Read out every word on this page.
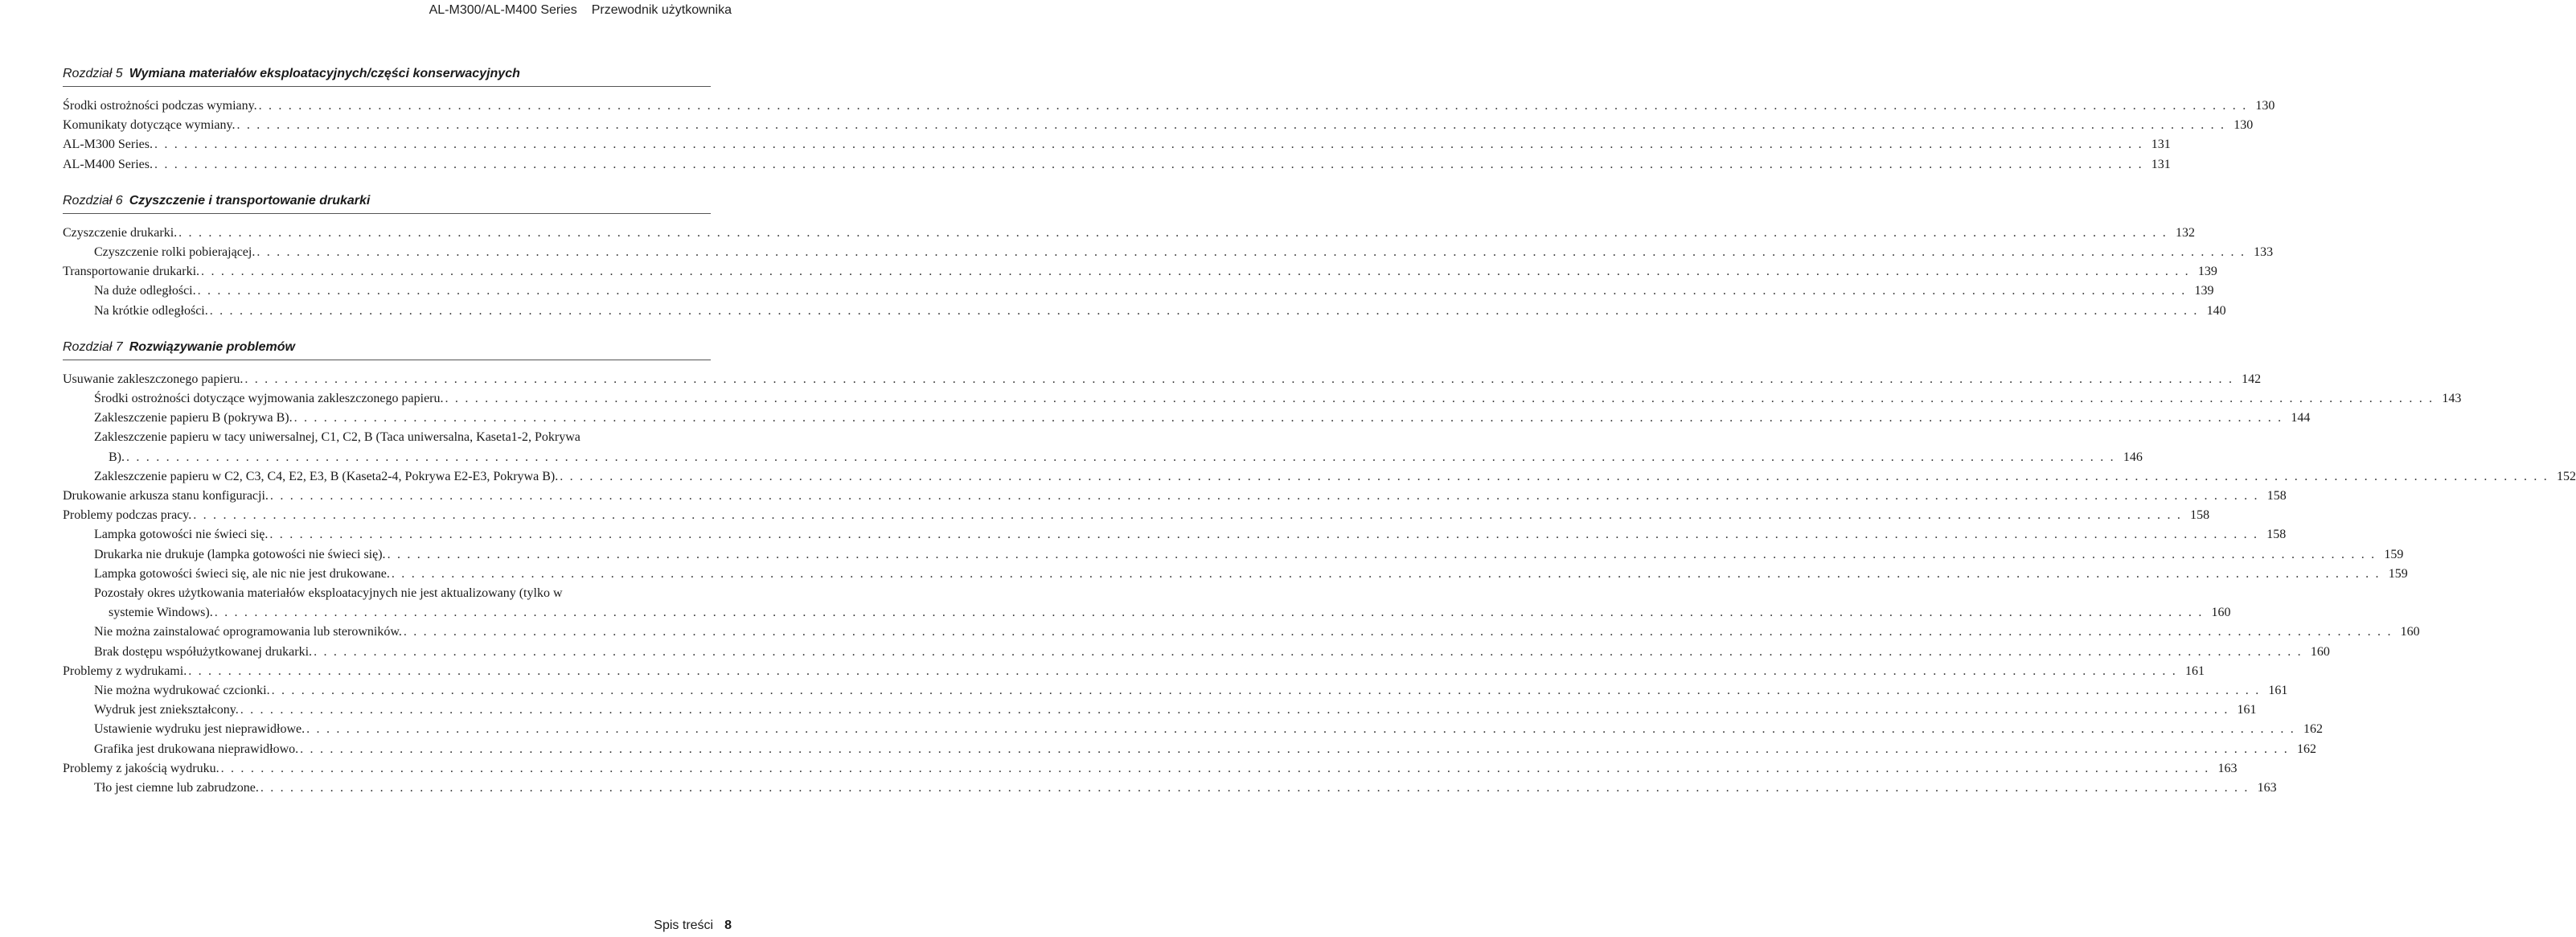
AL-M300/AL-M400 Series Przewodnik użytkownika
Rozdział 5 Wymiana materiałów eksploatacyjnych/części konserwacyjnych
Środki ostrożności podczas wymiany. . . . . . . . . . . . . . . . . . . . . . . . . . . . . . . . . . . . . . . . . . . . . . . . . . . . . . . . . . . . . . . . . . . . . . . . . . . . . . . . . . . . . . . . . . . . . . . . . . . . . . . . . . . . . . . . . . . . . . . . . . . . . . . . . . . . . . . . . . . . . . . . . . . . . . . . . . . . . . . . . . . . . . . . . . . . . . . . . . . . . . . . . . . . . . . . . . . . . . . . . 130
Komunikaty dotyczące wymiany. . . . . . . . . . . . . . . . . . . . . . . . . . . . . . . . . . . . . . . . . . . . . . . . . . . . . . . . . . . . . . . . . . . . . . . . . . . . . . . . . . . . . . . . . . . . . . . . . . . . . . . . . . . . . . . . . . . . . . . . . . . . . . . . . . . . . . . . . . . . . . . . . . . . . . . . . . . . . . . . . . . . . . . . . . . . . . . . . . . . . . . . . . . . . . . . . . . . . . . . . 130
AL-M300 Series. . . . . . . . . . . . . . . . . . . . . . . . . . . . . . . . . . . . . . . . . . . . . . . . . . . . . . . . . . . . . . . . . . . . . . . . . . . . . . . . . . . . . . . . . . . . . . . . . . . . . . . . . . . . . . . . . . . . . . . . . . . . . . . . . . . . . . . . . . . . . . . . . . . . . . . . . . . . . . . . . . . . . . . . . . . . . . . . . . . . . . . . . . . . . . . . . . . . . . . . . 131
AL-M400 Series. . . . . . . . . . . . . . . . . . . . . . . . . . . . . . . . . . . . . . . . . . . . . . . . . . . . . . . . . . . . . . . . . . . . . . . . . . . . . . . . . . . . . . . . . . . . . . . . . . . . . . . . . . . . . . . . . . . . . . . . . . . . . . . . . . . . . . . . . . . . . . . . . . . . . . . . . . . . . . . . . . . . . . . . . . . . . . . . . . . . . . . . . . . . . . . . . . . . . . . . . 131
Rozdział 6 Czyszczenie i transportowanie drukarki
Czyszczenie drukarki. . . . . . . . . . . . . . . . . . . . . . . . . . . . . . . . . . . . . . . . . . . . . . . . . . . . . . . . . . . . . . . . . . . . . . . . . . . . . . . . . . . . . . . . . . . . . . . . . . . . . . . . . . . . . . . . . . . . . . . . . . . . . . . . . . . . . . . . . . . . . . . . . . . . . . . . . . . . . . . . . . . . . . . . . . . . . . . . . . . . . . . . . . . . . . . . . . . . . . . . . 132
Czyszczenie rolki pobierającej. . . . . . . . . . . . . . . . . . . . . . . . . . . . . . . . . . . . . . . . . . . . . . . . . . . . . . . . . . . . . . . . . . . . . . . . . . . . . . . . . . . . . . . . . . . . . . . . . . . . . . . . . . . . . . . . . . . . . . . . . . . . . . . . . . . . . . . . . . . . . . . . . . . . . . . . . . . . . . . . . . . . . . . . . . . . . . . . . . . . . . . . . . . . . . . . . . . . . . . . . 133
Transportowanie drukarki. . . . . . . . . . . . . . . . . . . . . . . . . . . . . . . . . . . . . . . . . . . . . . . . . . . . . . . . . . . . . . . . . . . . . . . . . . . . . . . . . . . . . . . . . . . . . . . . . . . . . . . . . . . . . . . . . . . . . . . . . . . . . . . . . . . . . . . . . . . . . . . . . . . . . . . . . . . . . . . . . . . . . . . . . . . . . . . . . . . . . . . . . . . . . . . . . . . . . . . . . 139
Na duże odległości. . . . . . . . . . . . . . . . . . . . . . . . . . . . . . . . . . . . . . . . . . . . . . . . . . . . . . . . . . . . . . . . . . . . . . . . . . . . . . . . . . . . . . . . . . . . . . . . . . . . . . . . . . . . . . . . . . . . . . . . . . . . . . . . . . . . . . . . . . . . . . . . . . . . . . . . . . . . . . . . . . . . . . . . . . . . . . . . . . . . . . . . . . . . . . . . . . . . . . . . . 139
Na krótkie odległości. . . . . . . . . . . . . . . . . . . . . . . . . . . . . . . . . . . . . . . . . . . . . . . . . . . . . . . . . . . . . . . . . . . . . . . . . . . . . . . . . . . . . . . . . . . . . . . . . . . . . . . . . . . . . . . . . . . . . . . . . . . . . . . . . . . . . . . . . . . . . . . . . . . . . . . . . . . . . . . . . . . . . . . . . . . . . . . . . . . . . . . . . . . . . . . . . . . . . . . . . 140
Rozdział 7 Rozwiązywanie problemów
Usuwanie zakleszczonego papieru. . . . . . . . . . . . . . . . . . . . . . . . . . . . . . . . . . . . . . . . . . . . . . . . . . . . . . . . . . . . . . . . . . . . . . . . . . . . . . . . . . . . . . . . . . . . . . . . . . . . . . . . . . . . . . . . . . . . . . . . . . . . . . . . . . . . . . . . . . . . . . . . . . . . . . . . . . . . . . . . . . . . . . . . . . . . . . . . . . . . . . . . . . . . . . . . . . . . . . . . . 142
Środki ostrożności dotyczące wyjmowania zakleszczonego papieru. . . . . . . . . . . . . . . . . . . . . . . . . . . . . . . . . . . . . . . . . . . . . . . . . . . . . . . . . . . . . . . . . . . . . . . . . . . . . . . . . . . . . . . . . . . . . . . . . . . . . . . . . . . . . . . . . . . . . . . . . . . . . . . . . . . . . . . . . . . . . . . . . . . . . . . . . . . . . . . . . . . . . . . . . . . . . . . . . . . . . . . . . . . . . . . . . . . . . . . . . 143
Zakleszczenie papieru B (pokrywa B). . . . . . . . . . . . . . . . . . . . . . . . . . . . . . . . . . . . . . . . . . . . . . . . . . . . . . . . . . . . . . . . . . . . . . . . . . . . . . . . . . . . . . . . . . . . . . . . . . . . . . . . . . . . . . . . . . . . . . . . . . . . . . . . . . . . . . . . . . . . . . . . . . . . . . . . . . . . . . . . . . . . . . . . . . . . . . . . . . . . . . . . . . . . . . . . . . . . . . . . . 144
Zakleszczenie papieru w tacy uniwersalnej, C1, C2, B (Taca uniwersalna, Kaseta1-2, Pokrywa
B). . . . . . . . . . . . . . . . . . . . . . . . . . . . . . . . . . . . . . . . . . . . . . . . . . . . . . . . . . . . . . . . . . . . . . . . . . . . . . . . . . . . . . . . . . . . . . . . . . . . . . . . . . . . . . . . . . . . . . . . . . . . . . . . . . . . . . . . . . . . . . . . . . . . . . . . . . . . . . . . . . . . . . . . . . . . . . . . . . . . . . . . . . . . . . . . . . . . . . . . . 146
Zakleszczenie papieru w C2, C3, C4, E2, E3, B (Kaseta2-4, Pokrywa E2-E3, Pokrywa B). . . . . . . . . . . . . . . . . . . . . . . . . . . . . . . . . . . . . . . . . . . . . . . . . . . . . . . . . . . . . . . . . . . . . . . . . . . . . . . . . . . . . . . . . . . . . . . . . . . . . . . . . . . . . . . . . . . . . . . . . . . . . . . . . . . . . . . . . . . . . . . . . . . . . . . . . . . . . . . . . . . . . . . . . . . . . . . . . . . . . . . . . . . . . . . . . . . . . . . . . 152
Drukowanie arkusza stanu konfiguracji. . . . . . . . . . . . . . . . . . . . . . . . . . . . . . . . . . . . . . . . . . . . . . . . . . . . . . . . . . . . . . . . . . . . . . . . . . . . . . . . . . . . . . . . . . . . . . . . . . . . . . . . . . . . . . . . . . . . . . . . . . . . . . . . . . . . . . . . . . . . . . . . . . . . . . . . . . . . . . . . . . . . . . . . . . . . . . . . . . . . . . . . . . . . . . . . . . . . . . . . . 158
Problemy podczas pracy. . . . . . . . . . . . . . . . . . . . . . . . . . . . . . . . . . . . . . . . . . . . . . . . . . . . . . . . . . . . . . . . . . . . . . . . . . . . . . . . . . . . . . . . . . . . . . . . . . . . . . . . . . . . . . . . . . . . . . . . . . . . . . . . . . . . . . . . . . . . . . . . . . . . . . . . . . . . . . . . . . . . . . . . . . . . . . . . . . . . . . . . . . . . . . . . . . . . . . . . . 158
Lampka gotowości nie świeci się. . . . . . . . . . . . . . . . . . . . . . . . . . . . . . . . . . . . . . . . . . . . . . . . . . . . . . . . . . . . . . . . . . . . . . . . . . . . . . . . . . . . . . . . . . . . . . . . . . . . . . . . . . . . . . . . . . . . . . . . . . . . . . . . . . . . . . . . . . . . . . . . . . . . . . . . . . . . . . . . . . . . . . . . . . . . . . . . . . . . . . . . . . . . . . . . . . . . . . . . . 158
Drukarka nie drukuje (lampka gotowości nie świeci się). . . . . . . . . . . . . . . . . . . . . . . . . . . . . . . . . . . . . . . . . . . . . . . . . . . . . . . . . . . . . . . . . . . . . . . . . . . . . . . . . . . . . . . . . . . . . . . . . . . . . . . . . . . . . . . . . . . . . . . . . . . . . . . . . . . . . . . . . . . . . . . . . . . . . . . . . . . . . . . . . . . . . . . . . . . . . . . . . . . . . . . . . . . . . . . . . . . . . . . . . 159
Lampka gotowości świeci się, ale nic nie jest drukowane. . . . . . . . . . . . . . . . . . . . . . . . . . . . . . . . . . . . . . . . . . . . . . . . . . . . . . . . . . . . . . . . . . . . . . . . . . . . . . . . . . . . . . . . . . . . . . . . . . . . . . . . . . . . . . . . . . . . . . . . . . . . . . . . . . . . . . . . . . . . . . . . . . . . . . . . . . . . . . . . . . . . . . . . . . . . . . . . . . . . . . . . . . . . . . . . . . . . . . . . . 159
Pozostały okres użytkowania materiałów eksploatacyjnych nie jest aktualizowany (tylko w
systemie Windows). . . . . . . . . . . . . . . . . . . . . . . . . . . . . . . . . . . . . . . . . . . . . . . . . . . . . . . . . . . . . . . . . . . . . . . . . . . . . . . . . . . . . . . . . . . . . . . . . . . . . . . . . . . . . . . . . . . . . . . . . . . . . . . . . . . . . . . . . . . . . . . . . . . . . . . . . . . . . . . . . . . . . . . . . . . . . . . . . . . . . . . . . . . . . . . . . . . . . . . . . 160
Nie można zainstalować oprogramowania lub sterowników. . . . . . . . . . . . . . . . . . . . . . . . . . . . . . . . . . . . . . . . . . . . . . . . . . . . . . . . . . . . . . . . . . . . . . . . . . . . . . . . . . . . . . . . . . . . . . . . . . . . . . . . . . . . . . . . . . . . . . . . . . . . . . . . . . . . . . . . . . . . . . . . . . . . . . . . . . . . . . . . . . . . . . . . . . . . . . . . . . . . . . . . . . . . . . . . . . . . . . . . . 160
Brak dostępu współużytkowanej drukarki. . . . . . . . . . . . . . . . . . . . . . . . . . . . . . . . . . . . . . . . . . . . . . . . . . . . . . . . . . . . . . . . . . . . . . . . . . . . . . . . . . . . . . . . . . . . . . . . . . . . . . . . . . . . . . . . . . . . . . . . . . . . . . . . . . . . . . . . . . . . . . . . . . . . . . . . . . . . . . . . . . . . . . . . . . . . . . . . . . . . . . . . . . . . . . . . . . . . . . . . . 160
Problemy z wydrukami. . . . . . . . . . . . . . . . . . . . . . . . . . . . . . . . . . . . . . . . . . . . . . . . . . . . . . . . . . . . . . . . . . . . . . . . . . . . . . . . . . . . . . . . . . . . . . . . . . . . . . . . . . . . . . . . . . . . . . . . . . . . . . . . . . . . . . . . . . . . . . . . . . . . . . . . . . . . . . . . . . . . . . . . . . . . . . . . . . . . . . . . . . . . . . . . . . . . . . . . . 161
Nie można wydrukować czcionki. . . . . . . . . . . . . . . . . . . . . . . . . . . . . . . . . . . . . . . . . . . . . . . . . . . . . . . . . . . . . . . . . . . . . . . . . . . . . . . . . . . . . . . . . . . . . . . . . . . . . . . . . . . . . . . . . . . . . . . . . . . . . . . . . . . . . . . . . . . . . . . . . . . . . . . . . . . . . . . . . . . . . . . . . . . . . . . . . . . . . . . . . . . . . . . . . . . . . . . . . 161
Wydruk jest zniekształcony. . . . . . . . . . . . . . . . . . . . . . . . . . . . . . . . . . . . . . . . . . . . . . . . . . . . . . . . . . . . . . . . . . . . . . . . . . . . . . . . . . . . . . . . . . . . . . . . . . . . . . . . . . . . . . . . . . . . . . . . . . . . . . . . . . . . . . . . . . . . . . . . . . . . . . . . . . . . . . . . . . . . . . . . . . . . . . . . . . . . . . . . . . . . . . . . . . . . . . . . . 161
Ustawienie wydruku jest nieprawidłowe. . . . . . . . . . . . . . . . . . . . . . . . . . . . . . . . . . . . . . . . . . . . . . . . . . . . . . . . . . . . . . . . . . . . . . . . . . . . . . . . . . . . . . . . . . . . . . . . . . . . . . . . . . . . . . . . . . . . . . . . . . . . . . . . . . . . . . . . . . . . . . . . . . . . . . . . . . . . . . . . . . . . . . . . . . . . . . . . . . . . . . . . . . . . . . . . . . . . . . . . . 162
Grafika jest drukowana nieprawidłowo. . . . . . . . . . . . . . . . . . . . . . . . . . . . . . . . . . . . . . . . . . . . . . . . . . . . . . . . . . . . . . . . . . . . . . . . . . . . . . . . . . . . . . . . . . . . . . . . . . . . . . . . . . . . . . . . . . . . . . . . . . . . . . . . . . . . . . . . . . . . . . . . . . . . . . . . . . . . . . . . . . . . . . . . . . . . . . . . . . . . . . . . . . . . . . . . . . . . . . . . . 162
Problemy z jakością wydruku. . . . . . . . . . . . . . . . . . . . . . . . . . . . . . . . . . . . . . . . . . . . . . . . . . . . . . . . . . . . . . . . . . . . . . . . . . . . . . . . . . . . . . . . . . . . . . . . . . . . . . . . . . . . . . . . . . . . . . . . . . . . . . . . . . . . . . . . . . . . . . . . . . . . . . . . . . . . . . . . . . . . . . . . . . . . . . . . . . . . . . . . . . . . . . . . . . . . . . . . . 163
Tło jest ciemne lub zabrudzone. . . . . . . . . . . . . . . . . . . . . . . . . . . . . . . . . . . . . . . . . . . . . . . . . . . . . . . . . . . . . . . . . . . . . . . . . . . . . . . . . . . . . . . . . . . . . . . . . . . . . . . . . . . . . . . . . . . . . . . . . . . . . . . . . . . . . . . . . . . . . . . . . . . . . . . . . . . . . . . . . . . . . . . . . . . . . . . . . . . . . . . . . . . . . . . . . . . . . . . . . 163
Spis treści 8
